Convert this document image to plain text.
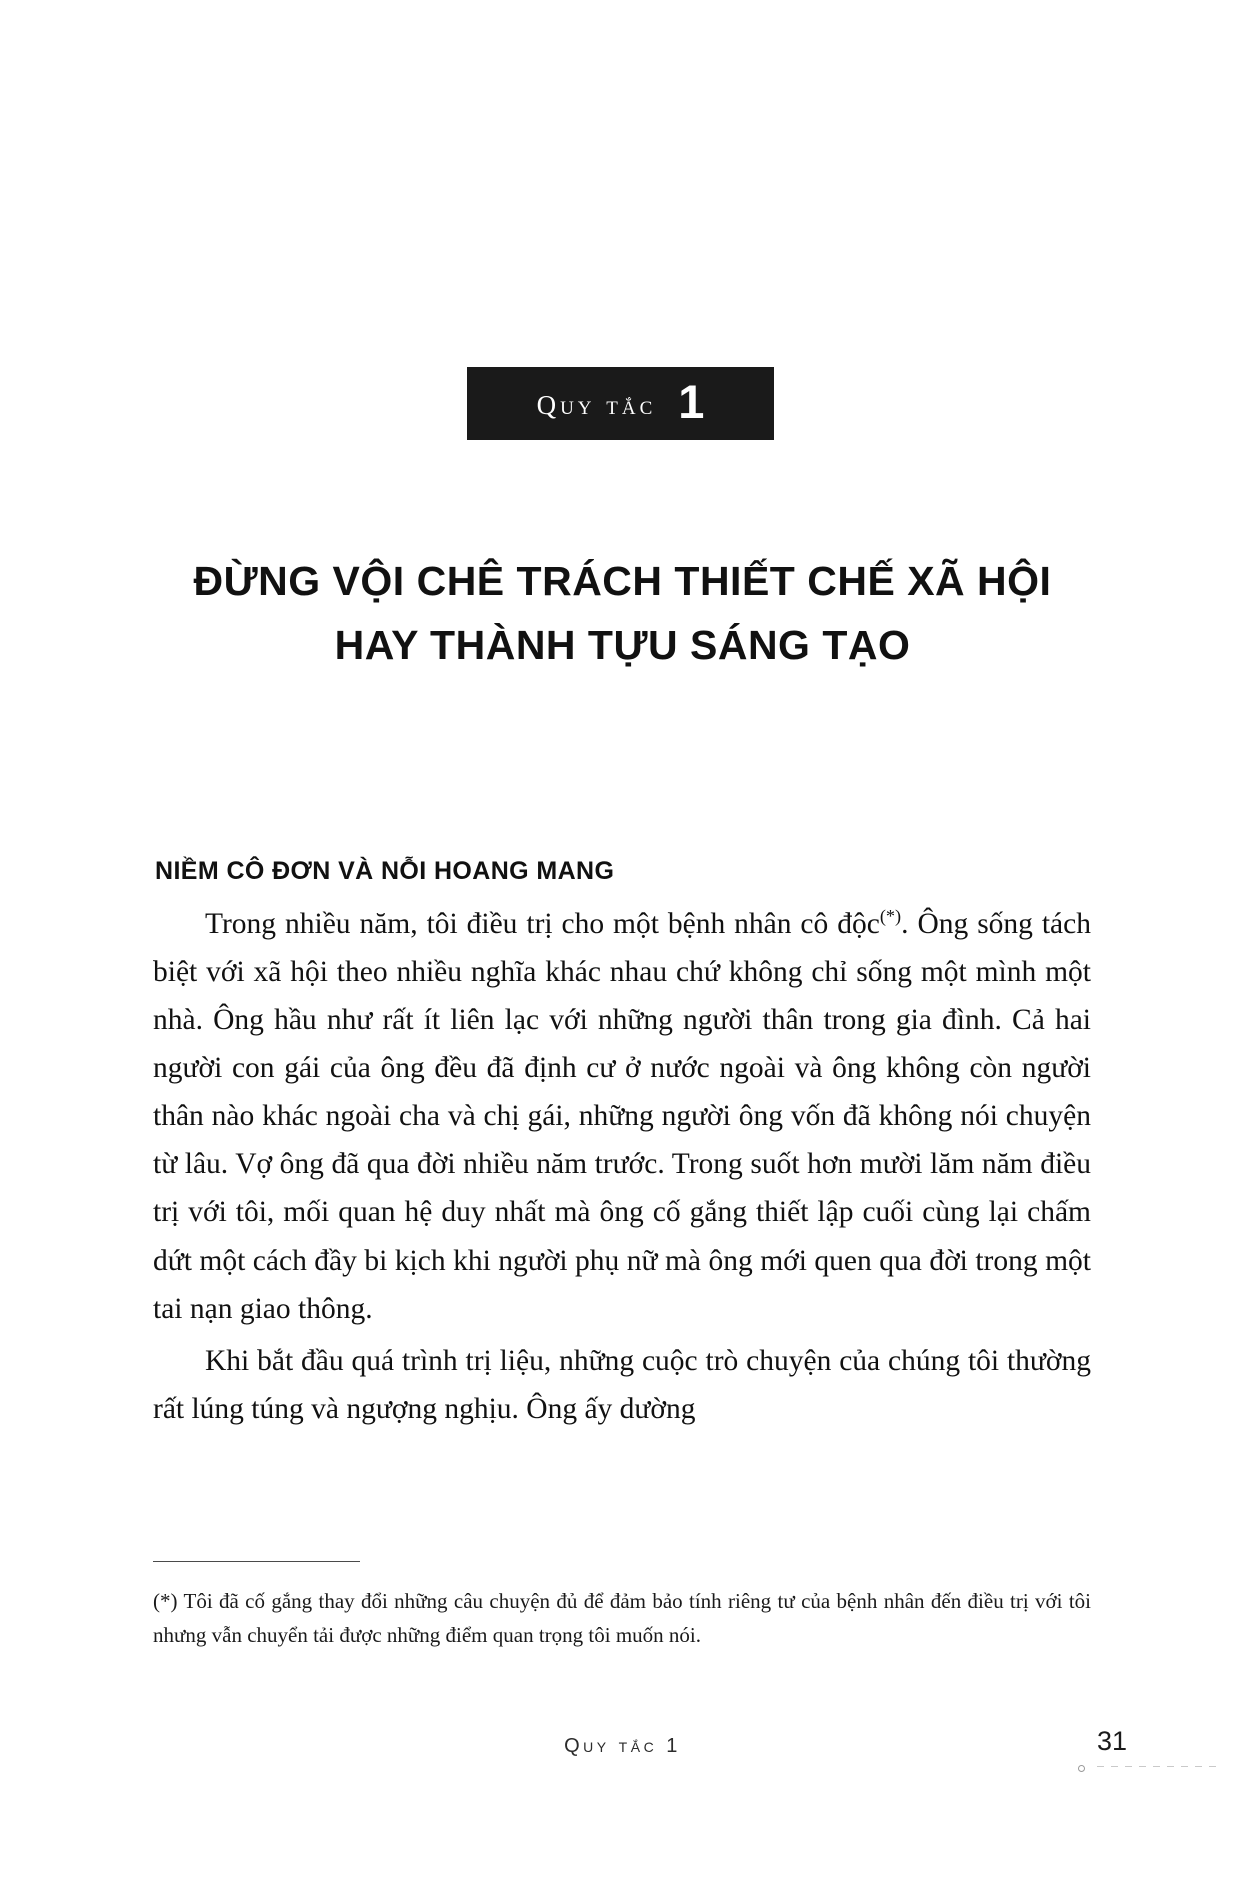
Quy tắc 1
ĐỪNG VỘI CHÊ TRÁCH THIẾT CHẾ XÃ HỘI
HAY THÀNH TỰU SÁNG TẠO
NIỀM CÔ ĐƠN VÀ NỖI HOANG MANG

Trong nhiều năm, tôi điều trị cho một bệnh nhân cô độc(*). Ông sống tách biệt với xã hội theo nhiều nghĩa khác nhau chứ không chỉ sống một mình một nhà. Ông hầu như rất ít liên lạc với những người thân trong gia đình. Cả hai người con gái của ông đều đã định cư ở nước ngoài và ông không còn người thân nào khác ngoài cha và chị gái, những người ông vốn đã không nói chuyện từ lâu. Vợ ông đã qua đời nhiều năm trước. Trong suốt hơn mười lăm năm điều trị với tôi, mối quan hệ duy nhất mà ông cố gắng thiết lập cuối cùng lại chấm dứt một cách đầy bi kịch khi người phụ nữ mà ông mới quen qua đời trong một tai nạn giao thông.

Khi bắt đầu quá trình trị liệu, những cuộc trò chuyện của chúng tôi thường rất lúng túng và ngượng nghịu. Ông ấy dường

(*) Tôi đã cố gắng thay đổi những câu chuyện đủ để đảm bảo tính riêng tư của bệnh nhân đến điều trị với tôi nhưng vẫn chuyển tải được những điểm quan trọng tôi muốn nói.
Quy tắc 1	31
